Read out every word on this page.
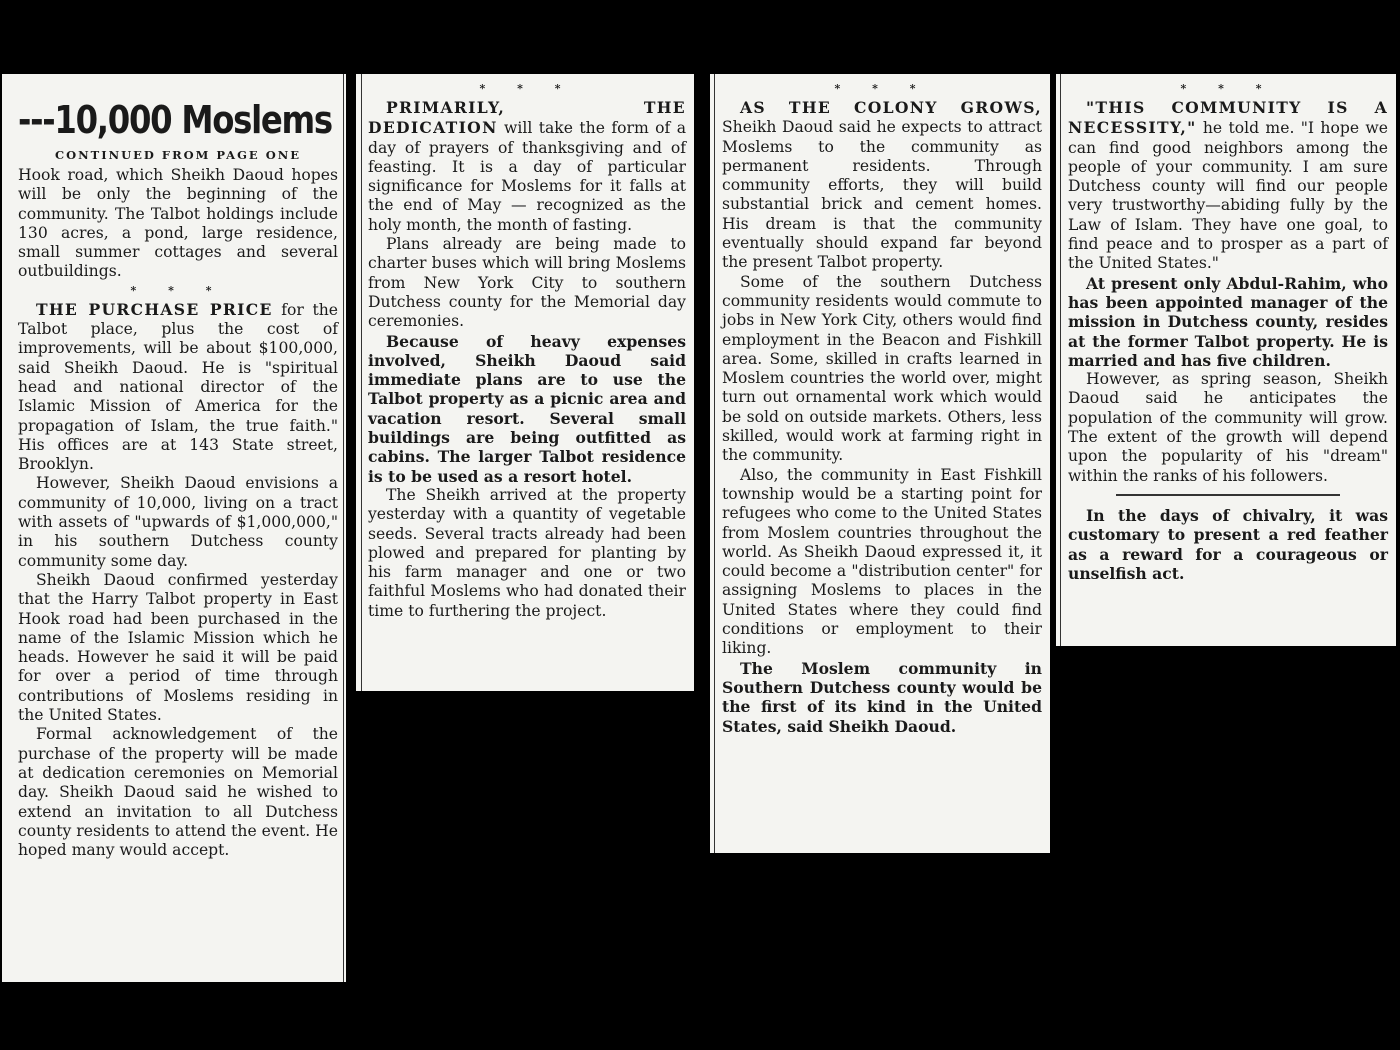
---10,000 Moslems
CONTINUED FROM PAGE ONE

Hook road, which Sheikh Daoud hopes will be only the beginning of the community. The Talbot holdings include 130 acres, a pond, large residence, small summer cottages and several outbuildings.

* * *

THE PURCHASE PRICE for the Talbot place, plus the cost of improvements, will be about $100,000, said Sheikh Daoud. He is "spiritual head and national director of the Islamic Mission of America for the propagation of Islam, the true faith." His offices are at 143 State street, Brooklyn.

However, Sheikh Daoud envisions a community of 10,000, living on a tract with assets of "upwards of $1,000,000," in his southern Dutchess county community some day.

Sheikh Daoud confirmed yesterday that the Harry Talbot property in East Hook road had been purchased in the name of the Islamic Mission which he heads. However he said it will be paid for over a period of time through contributions of Moslems residing in the United States.

Formal acknowledgement of the purchase of the property will be made at dedication ceremonies on Memorial day. Sheikh Daoud said he wished to extend an invitation to all Dutchess county residents to attend the event. He hoped many would accept.

* * *

PRIMARILY, THE DEDICATION will take the form of a day of prayers of thanksgiving and of feasting. It is a day of particular significance for Moslems for it falls at the end of May — recognized as the holy month, the month of fasting.

Plans already are being made to charter buses which will bring Moslems from New York City to southern Dutchess county for the Memorial day ceremonies.

Because of heavy expenses involved, Sheikh Daoud said immediate plans are to use the Talbot property as a picnic area and vacation resort. Several small buildings are being outfitted as cabins. The larger Talbot residence is to be used as a resort hotel.

The Sheikh arrived at the property yesterday with a quantity of vegetable seeds. Several tracts already had been plowed and prepared for planting by his farm manager and one or two faithful Moslems who had donated their time to furthering the project.

* * *

AS THE COLONY GROWS, Sheikh Daoud said he expects to attract Moslems to the community as permanent residents. Through community efforts, they will build substantial brick and cement homes. His dream is that the community eventually should expand far beyond the present Talbot property.

Some of the southern Dutchess community residents would commute to jobs in New York City, others would find employment in the Beacon and Fishkill area. Some, skilled in crafts learned in Moslem countries the world over, might turn out ornamental work which would be sold on outside markets. Others, less skilled, would work at farming right in the community.

Also, the community in East Fishkill township would be a starting point for refugees who come to the United States from Moslem countries throughout the world. As Sheikh Daoud expressed it, it could become a "distribution center" for assigning Moslems to places in the United States where they could find conditions or employment to their liking.

The Moslem community in Southern Dutchess county would be the first of its kind in the United States, said Sheikh Daoud.

* * *

"THIS COMMUNITY IS A NECESSITY," he told me. "I hope we can find good neighbors among the people of your community. I am sure Dutchess county will find our people very trustworthy—abiding fully by the Law of Islam. They have one goal, to find peace and to prosper as a part of the United States."

At present only Abdul-Rahim, who has been appointed manager of the mission in Dutchess county, resides at the former Talbot property. He is married and has five children.

However, as spring season, Sheikh Daoud said he anticipates the population of the community will grow. The extent of the growth will depend upon the popularity of his "dream" within the ranks of his followers.

In the days of chivalry, it was customary to present a red feather as a reward for a courageous or unselfish act.
